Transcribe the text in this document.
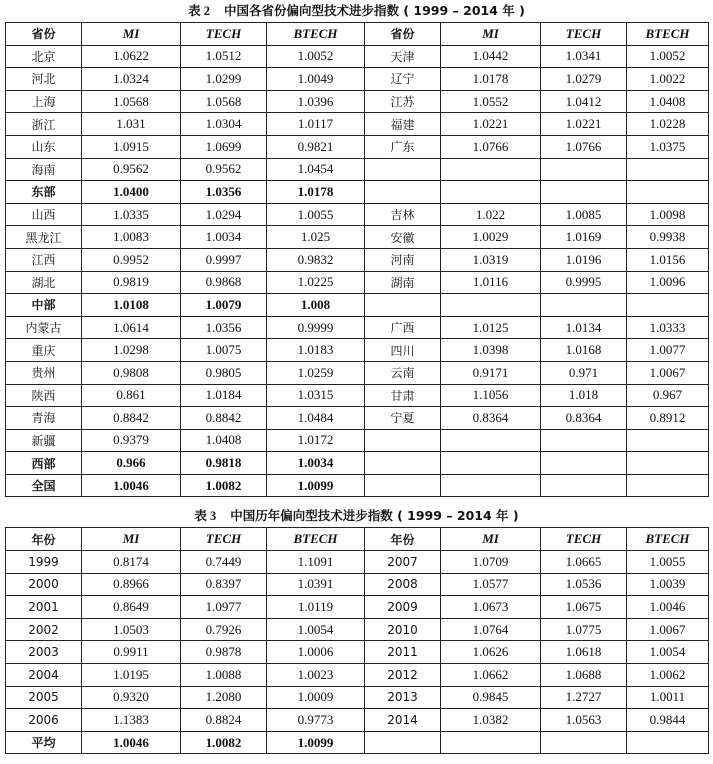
表 2 中国各省份偏向型技术进步指数 ( 1999 – 2014 年 )
省份	MI	TECH	BTECH	省份	MI	TECH	BTECH
北京	1.0622	1.0512	1.0052	天津	1.0442	1.0341	1.0052
河北	1.0324	1.0299	1.0049	辽宁	1.0178	1.0279	1.0022
上海	1.0568	1.0568	1.0396	江苏	1.0552	1.0412	1.0408
浙江	1.031	1.0304	1.0117	福建	1.0221	1.0221	1.0228
山东	1.0915	1.0699	0.9821	广东	1.0766	1.0766	1.0375
海南	0.9562	0.9562	1.0454				
东部	1.0400	1.0356	1.0178				
山西	1.0335	1.0294	1.0055	吉林	1.022	1.0085	1.0098
黑龙江	1.0083	1.0034	1.025	安徽	1.0029	1.0169	0.9938
江西	0.9952	0.9997	0.9832	河南	1.0319	1.0196	1.0156
湖北	0.9819	0.9868	1.0225	湖南	1.0116	0.9995	1.0096
中部	1.0108	1.0079	1.008				
内蒙古	1.0614	1.0356	0.9999	广西	1.0125	1.0134	1.0333
重庆	1.0298	1.0075	1.0183	四川	1.0398	1.0168	1.0077
贵州	0.9808	0.9805	1.0259	云南	0.9171	0.971	1.0067
陕西	0.861	1.0184	1.0315	甘肃	1.1056	1.018	0.967
青海	0.8842	0.8842	1.0484	宁夏	0.8364	0.8364	0.8912
新疆	0.9379	1.0408	1.0172				
西部	0.966	0.9818	1.0034				
全国	1.0046	1.0082	1.0099				
表 3 中国历年偏向型技术进步指数 ( 1999 – 2014 年 )
年份	MI	TECH	BTECH	年份	MI	TECH	BTECH
1999	0.8174	0.7449	1.1091	2007	1.0709	1.0665	1.0055
2000	0.8966	0.8397	1.0391	2008	1.0577	1.0536	1.0039
2001	0.8649	1.0977	1.0119	2009	1.0673	1.0675	1.0046
2002	1.0503	0.7926	1.0054	2010	1.0764	1.0775	1.0067
2003	0.9911	0.9878	1.0006	2011	1.0626	1.0618	1.0054
2004	1.0195	1.0088	1.0023	2012	1.0662	1.0688	1.0062
2005	0.9320	1.2080	1.0009	2013	0.9845	1.2727	1.0011
2006	1.1383	0.8824	0.9773	2014	1.0382	1.0563	0.9844
平均	1.0046	1.0082	1.0099				
